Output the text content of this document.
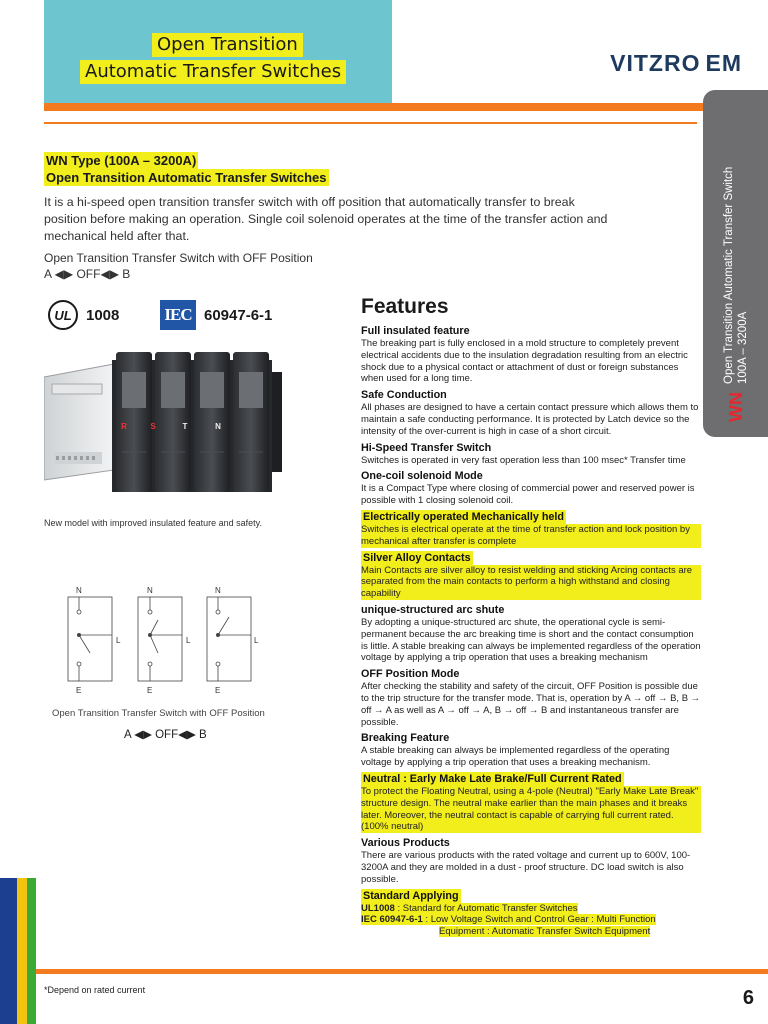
Open Transition
Automatic Transfer Switches	VITZRO EM
WN
Open Transition Automatic Transfer Switch 100A – 3200A
WN Type (100A – 3200A)
Open Transition Automatic Transfer Switches
It is a hi-speed open transition transfer switch with off position that automatically transfer to break position before making an operation. Single coil solenoid operates at the time of the transfer action and mechanical held after that.
Open Transition Transfer Switch with OFF Position
A ◀▶ OFF◀▶ B
UL 1008	IEC 60947-6-1
R	S	T	N
New model with improved insulated feature and safety.
N	N	N
E	E	E
L	L	L
Open Transition Transfer Switch with OFF Position
A ◀▶ OFF◀▶ B
Features
Full insulated feature
The breaking part is fully enclosed in a mold structure to completely prevent electrical accidents due to the insulation degradation resulting from an electric shock due to a physical contact or attachment of dust or foreign substances when used for a long time.
Safe Conduction
All phases are designed to have a certain contact pressure which allows them to maintain a safe conducting performance. It is protected by Latch device so the intensity of the over-current is high in case of a short circuit.
Hi-Speed Transfer Switch
Switches is operated in very fast operation less than 100 msec* Transfer time
One-coil solenoid Mode
It is a Compact Type where closing of commercial power and reserved power is possible with 1 closing solenoid coil.
Electrically operated Mechanically held
Switches is electrical operate at the time of transfer action and lock position by mechanical after transfer is complete
Silver Alloy Contacts
Main Contacts are silver alloy to resist welding and sticking Arcing contacts are separated from the main contacts to perform a high withstand and closing capability
unique-structured arc shute
By adopting a unique-structured arc shute, the operational cycle is semi-permanent because the arc breaking time is short and the contact consumption is little. A stable breaking can always be implemented regardless of the operation voltage by applying a trip operation that uses a breaking mechanism
OFF Position Mode
After checking the stability and safety of the circuit, OFF Position is possible due to the trip structure for the transfer mode. That is, operation by A → off → B, B → off → A as well as A → off → A, B → off → B and instantaneous transfer are possible.
Breaking Feature
A stable breaking can always be implemented regardless of the operating voltage by applying a trip operation that uses a breaking mechanism.
Neutral : Early Make Late Brake/Full Current Rated
To protect the Floating Neutral, using a 4-pole (Neutral) "Early Make Late Break" structure design. The neutral make earlier than the main phases and it breaks later. Moreover, the neutral contact is capable of carrying full current rated.(100% neutral)
Various Products
There are various products with the rated voltage and current up to 600V, 100-3200A and they are molded in a dust - proof structure. DC load switch is also possible.
Standard Applying
UL1008 : Standard for Automatic Transfer Switches
IEC 60947-6-1 : Low Voltage Switch and Control Gear : Multi Function
Equipment : Automatic Transfer Switch Equipment
*Depend on rated current	6
